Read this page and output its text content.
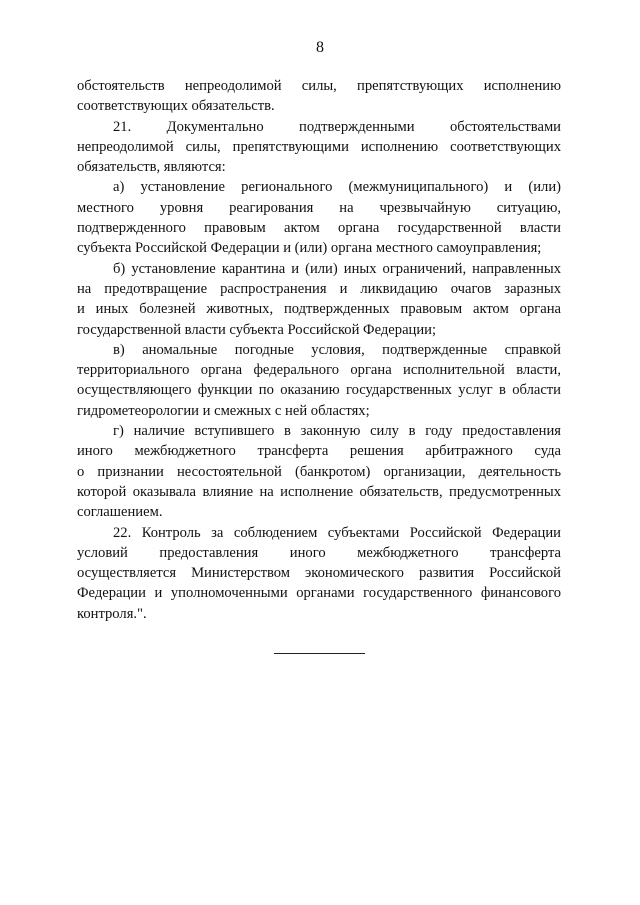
8
обстоятельств непреодолимой силы, препятствующих исполнению
соответствующих обязательств.
21. Документально подтвержденными обстоятельствами
непреодолимой силы, препятствующими исполнению соответствующих
обязательств, являются:
а) установление регионального (межмуниципального) и (или)
местного уровня реагирования на чрезвычайную ситуацию,
подтвержденного правовым актом органа государственной власти
субъекта Российской Федерации и (или) органа местного самоуправления;
б) установление карантина и (или) иных ограничений, направленных
на предотвращение распространения и ликвидацию очагов заразных
и иных болезней животных, подтвержденных правовым актом органа
государственной власти субъекта Российской Федерации;
в) аномальные погодные условия, подтвержденные справкой
территориального органа федерального органа исполнительной власти,
осуществляющего функции по оказанию государственных услуг в области
гидрометеорологии и смежных с ней областях;
г) наличие вступившего в законную силу в году предоставления
иного межбюджетного трансферта решения арбитражного суда
о признании несостоятельной (банкротом) организации, деятельность
которой оказывала влияние на исполнение обязательств, предусмотренных
соглашением.
22. Контроль за соблюдением субъектами Российской Федерации
условий предоставления иного межбюджетного трансферта
осуществляется Министерством экономического развития Российской
Федерации и уполномоченными органами государственного финансового
контроля.".
